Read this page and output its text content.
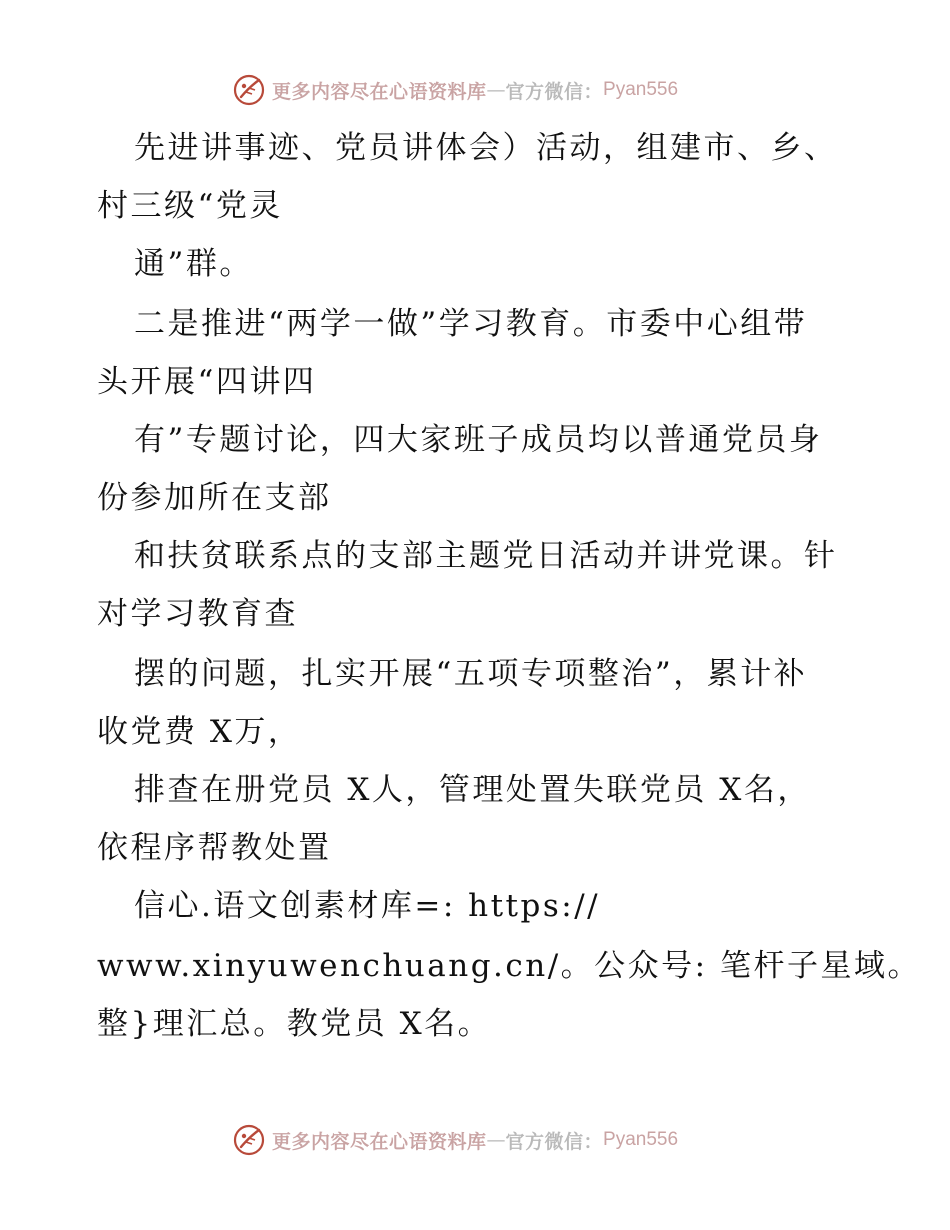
更多内容尽在心语资料库 — 官方微信： Pyan556
先进讲事迹、党员讲体会）活动，组建市、乡、
村三级“党灵
通”群。
二是推进“两学一做”学习教育。市委中心组带
头开展“四讲四
有”专题讨论，四大家班子成员均以普通党员身
份参加所在支部
和扶贫联系点的支部主题党日活动并讲党课。针
对学习教育查
摆的问题，扎实开展“五项专项整治”，累计补
收党费 X万，
排查在册党员 X人，管理处置失联党员 X名，
依程序帮教处置
信心.语文创素材库=: https://
www.xinyuwenchuang.cn/。公众号: 笔杆子星域。
整}理汇总。教党员 X名。
更多内容尽在心语资料库 — 官方微信： Pyan556
